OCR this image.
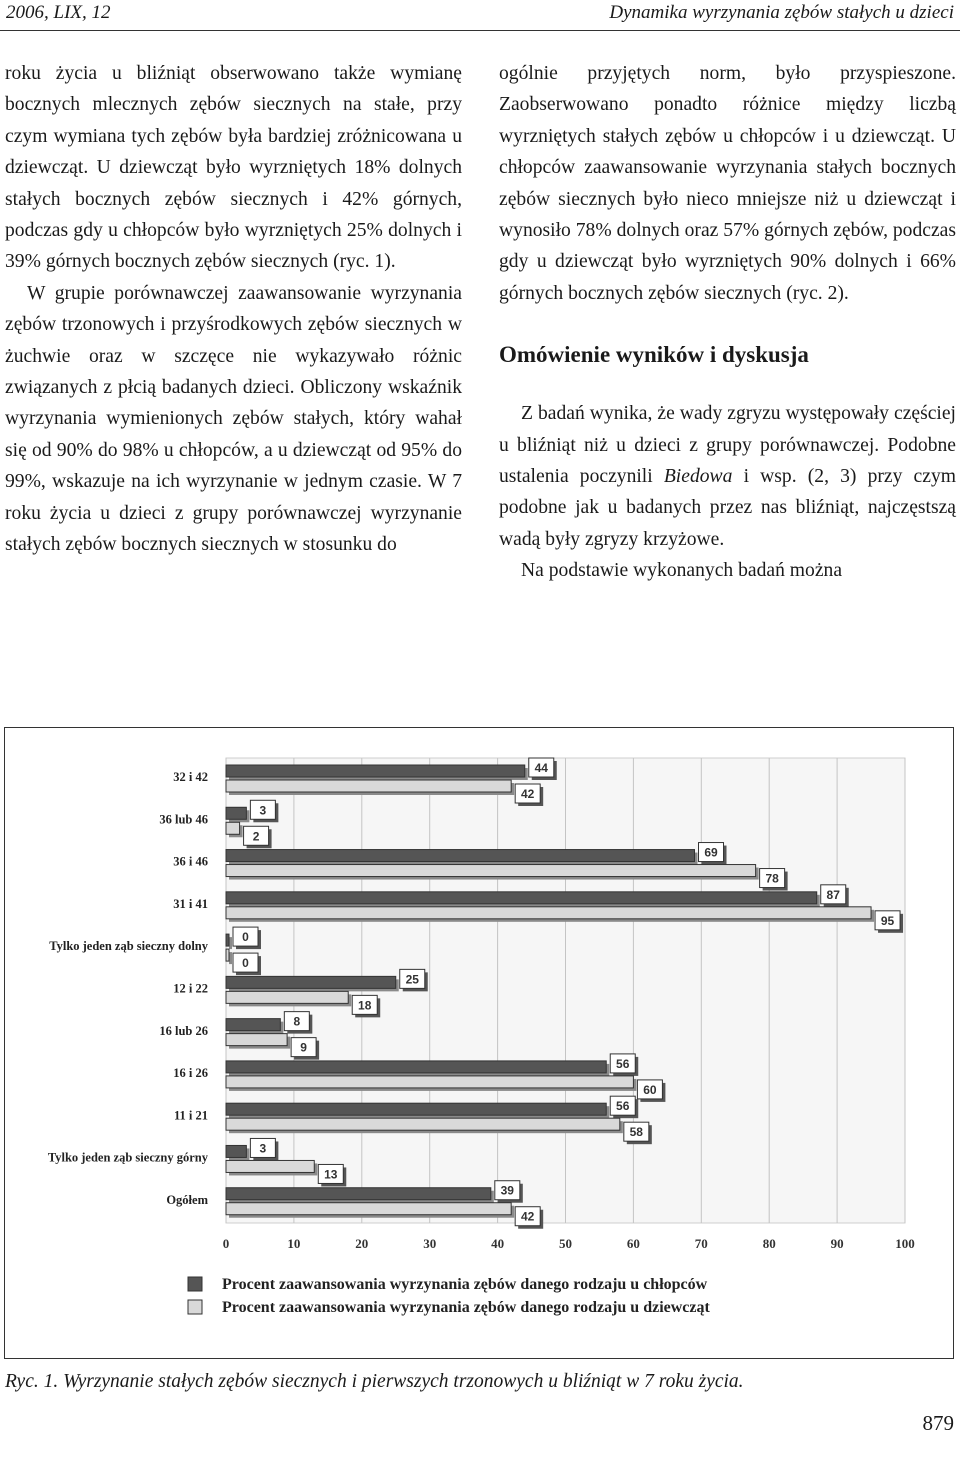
2006, LIX, 12	Dynamika wyrzynania zębów stałych u dzieci

roku życia u bliźniąt obserwowano także wymianę bocznych mlecznych zębów siecznych na stałe, przy czym wymiana tych zębów była bardziej zróżnicowana u dziewcząt. U dziewcząt było wyrzniętych 18% dolnych stałych bocznych zębów siecznych i 42% górnych, podczas gdy u chłopców było wyrzniętych 25% dolnych i 39% górnych bocznych zębów siecznych (ryc. 1).

W grupie porównawczej zaawansowanie wyrzynania zębów trzonowych i przyśrodkowych zębów siecznych w żuchwie oraz w szczęce nie wykazywało różnic związanych z płcią badanych dzieci. Obliczony wskaźnik wyrzynania wymienionych zębów stałych, który wahał się od 90% do 98% u chłopców, a u dziewcząt od 95% do 99%, wskazuje na ich wyrzynanie w jednym czasie. W 7 roku życia u dzieci z grupy porównawczej wyrzynanie stałych zębów bocznych siecznych w stosunku do

ogólnie przyjętych norm, było przyspieszone. Zaobserwowano ponadto różnice między liczbą wyrzniętych stałych zębów u chłopców i u dziewcząt. U chłopców zaawansowanie wyrzynania stałych bocznych zębów siecznych było nieco mniejsze niż u dziewcząt i wynosiło 78% dolnych oraz 57% górnych zębów, podczas gdy u dziewcząt było wyrzniętych 90% dolnych i 66% górnych bocznych zębów siecznych (ryc. 2).

Omówienie wyników i dyskusja

Z badań wynika, że wady zgryzu występowały częściej u bliźniąt niż u dzieci z grupy porównawczej. Podobne ustalenia poczynili Biedowa i wsp. (2, 3) przy czym podobne jak u badanych przez nas bliźniąt, najczęstszą wadą były zgryzy krzyżowe.

Na podstawie wykonanych badań można

0	10	20	30	40	50	60	70	80	90	100
32 i 42
36 lub 46
36 i 46
31 i 41
Tylko jeden ząb sieczny dolny
12 i 22
16 lub 26
16 i 26
11 i 21
Tylko jeden ząb sieczny górny
Ogółem
44
3
69
87
0
25
8
56
56
3
39
42
2
78
95
0
18
9
60
58
13
42
Procent zaawansowania wyrzynania zębów danego rodzaju u chłopców
Procent zaawansowania wyrzynania zębów danego rodzaju u dziewcząt
Ryc. 1. Wyrzynanie stałych zębów siecznych i pierwszych trzonowych u bliźniąt w 7 roku życia.
879
